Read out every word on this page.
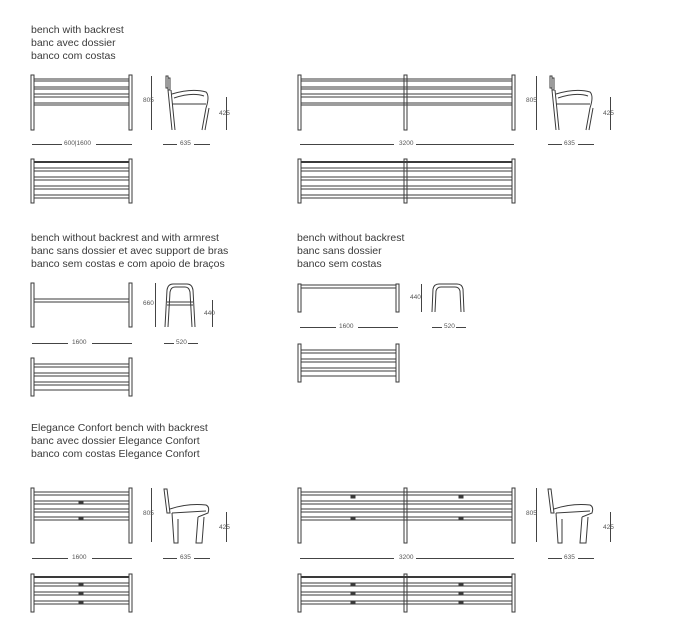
bench with backrest
banc avec dossier
banco com costas
600|1600
805
425
635	3200
805
425
635
bench without backrest and with armrest
banc sans dossier et avec support de bras
banco sem costas e com apoio de braços
1600
660
440
520
bench without backrest
banc sans dossier
banco sem costas
1600
440
520
Elegance Confort bench with backrest
banc avec dossier Elegance Confort
banco com costas Elegance Confort
1600
805
425
635	3200
805
425
635
